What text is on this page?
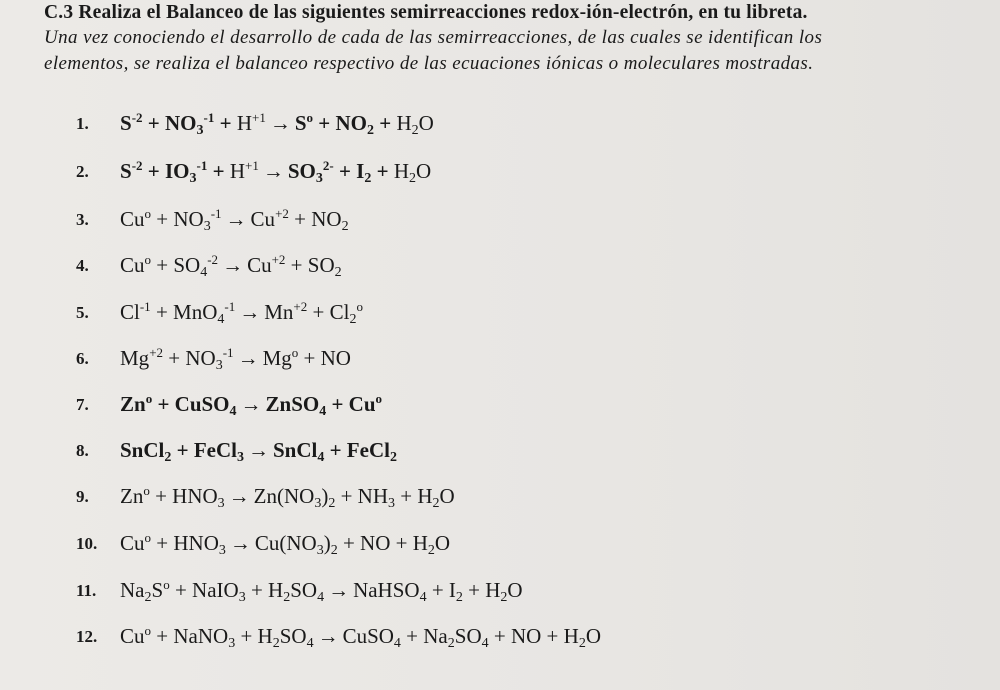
C.3 Realiza el Balanceo de las siguientes semirreacciones redox-ión-electrón, en tu libreta.
Una vez conociendo el desarrollo de cada de las semirreacciones, de las cuales se identifican los
elementos, se realiza el balanceo respectivo de las ecuaciones iónicas o moleculares mostradas.
1. $S^{-2} + NO_3^{-1} + H^{+1} \to S^o + NO_2 + H_2O$
2. $S^{-2} + IO_3^{-1} + H^{+1} \to SO_3^{2-} + I_2 + H_2O$
3. $Cu^o + NO_3^{-1} \to Cu^{+2} + NO_2$
4. $Cu^o + SO_4^{-2} \to Cu^{+2} + SO_2$
5. $Cl^{-1} + MnO_4^{-1} \to Mn^{+2} + Cl_2^o$
6. $Mg^{+2} + NO_3^{-1} \to Mg^o$ + NO
7. $Zn^o$ + CuSO$_4$ → ZnSO$_4$ + $Cu^o$
8. SnCl$_2$ + FeCl$_3$ → SnCl$_4$ + FeCl$_2$
9. $Zn^o + HNO_3 \to Zn(NO_3)_2 + NH_3 + H_2O$
10. $Cu^o + HNO_3 \to Cu(NO_3)_2$ + NO + $H_2O$
11. $Na_2S^o$ + NaIO$_3$ + $H_2SO_4$ → NaHSO$_4$ + $I_2 + H_2O$
12. $Cu^o$ + NaNO$_3$ + $H_2SO_4$ → CuSO$_4$ + $Na_2SO_4$ + NO + $H_2O$
